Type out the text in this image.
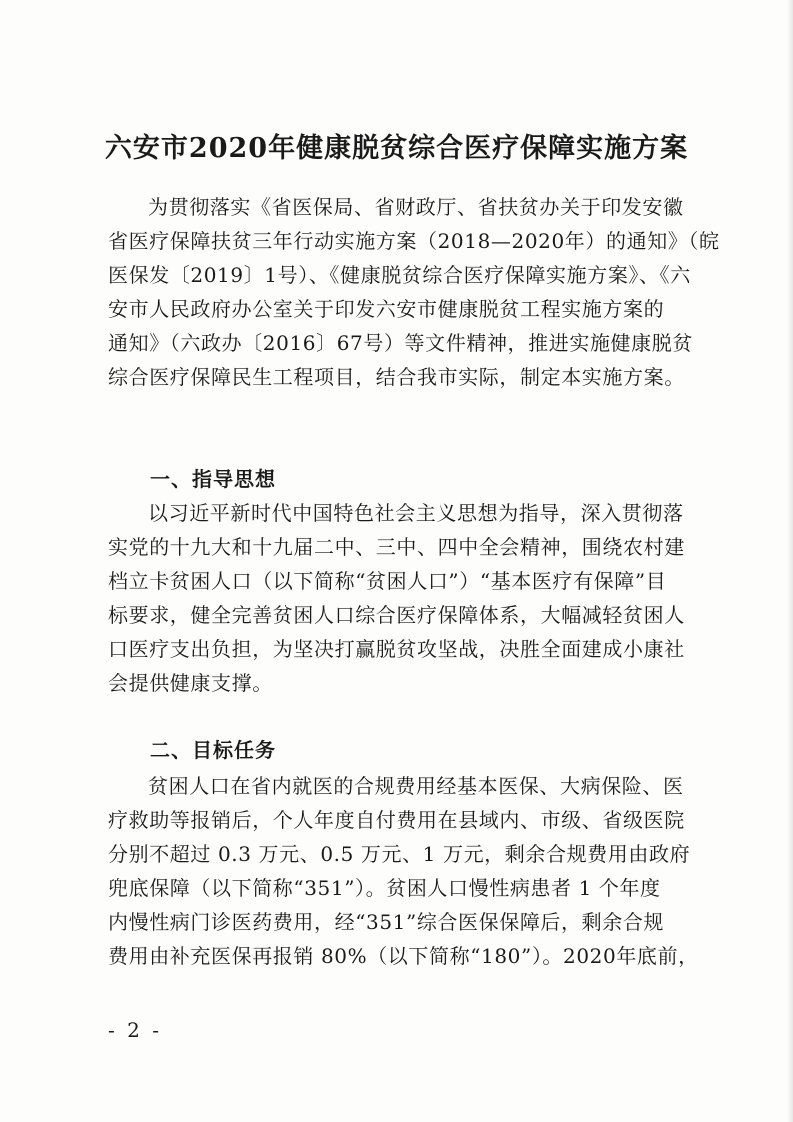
六安市2020年健康脱贫综合医疗保障实施方案
为贯彻落实《省医保局、省财政厅、省扶贫办关于印发安徽
省医疗保障扶贫三年行动实施方案（2018—2020年）的通知》（皖
医保发〔2019〕1号）、《健康脱贫综合医疗保障实施方案》、《六
安市人民政府办公室关于印发六安市健康脱贫工程实施方案的
通知》（六政办〔2016〕67号）等文件精神，推进实施健康脱贫
综合医疗保障民生工程项目，结合我市实际，制定本实施方案。
一、指导思想
以习近平新时代中国特色社会主义思想为指导，深入贯彻落
实党的十九大和十九届二中、三中、四中全会精神，围绕农村建
档立卡贫困人口（以下简称“贫困人口”）“基本医疗有保障”目
标要求，健全完善贫困人口综合医疗保障体系，大幅减轻贫困人
口医疗支出负担，为坚决打赢脱贫攻坚战，决胜全面建成小康社
会提供健康支撑。
二、目标任务
贫困人口在省内就医的合规费用经基本医保、大病保险、医
疗救助等报销后，个人年度自付费用在县域内、市级、省级医院
分别不超过 0.3 万元、0.5 万元、1 万元，剩余合规费用由政府
兜底保障（以下简称“351”）。贫困人口慢性病患者 1 个年度
内慢性病门诊医药费用，经“351”综合医保保障后，剩余合规
费用由补充医保再报销 80%（以下简称“180”）。2020年底前，
- 2 -
